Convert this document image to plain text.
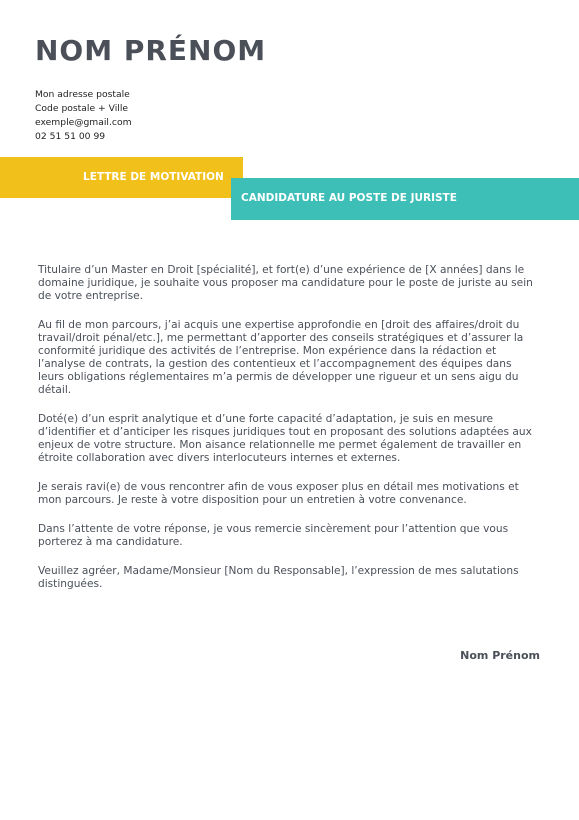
NOM PRÉNOM
Mon adresse postale
Code postale + Ville
exemple@gmail.com
02 51 51 00 99
LETTRE DE MOTIVATION
CANDIDATURE AU POSTE DE JURISTE

Titulaire d’un Master en Droit [spécialité], et fort(e) d’une expérience de [X années] dans le domaine juridique, je souhaite vous proposer ma candidature pour le poste de juriste au sein de votre entreprise.

Au fil de mon parcours, j’ai acquis une expertise approfondie en [droit des affaires/droit du travail/droit pénal/etc.], me permettant d’apporter des conseils stratégiques et d’assurer la conformité juridique des activités de l’entreprise. Mon expérience dans la rédaction et l’analyse de contrats, la gestion des contentieux et l’accompagnement des équipes dans leurs obligations réglementaires m’a permis de développer une rigueur et un sens aigu du détail.

Doté(e) d’un esprit analytique et d’une forte capacité d’adaptation, je suis en mesure d’identifier et d’anticiper les risques juridiques tout en proposant des solutions adaptées aux enjeux de votre structure. Mon aisance relationnelle me permet également de travailler en étroite collaboration avec divers interlocuteurs internes et externes.

Je serais ravi(e) de vous rencontrer afin de vous exposer plus en détail mes motivations et mon parcours. Je reste à votre disposition pour un entretien à votre convenance.

Dans l’attente de votre réponse, je vous remercie sincèrement pour l’attention que vous porterez à ma candidature.

Veuillez agréer, Madame/Monsieur [Nom du Responsable], l’expression de mes salutations distinguées.

Nom Prénom
